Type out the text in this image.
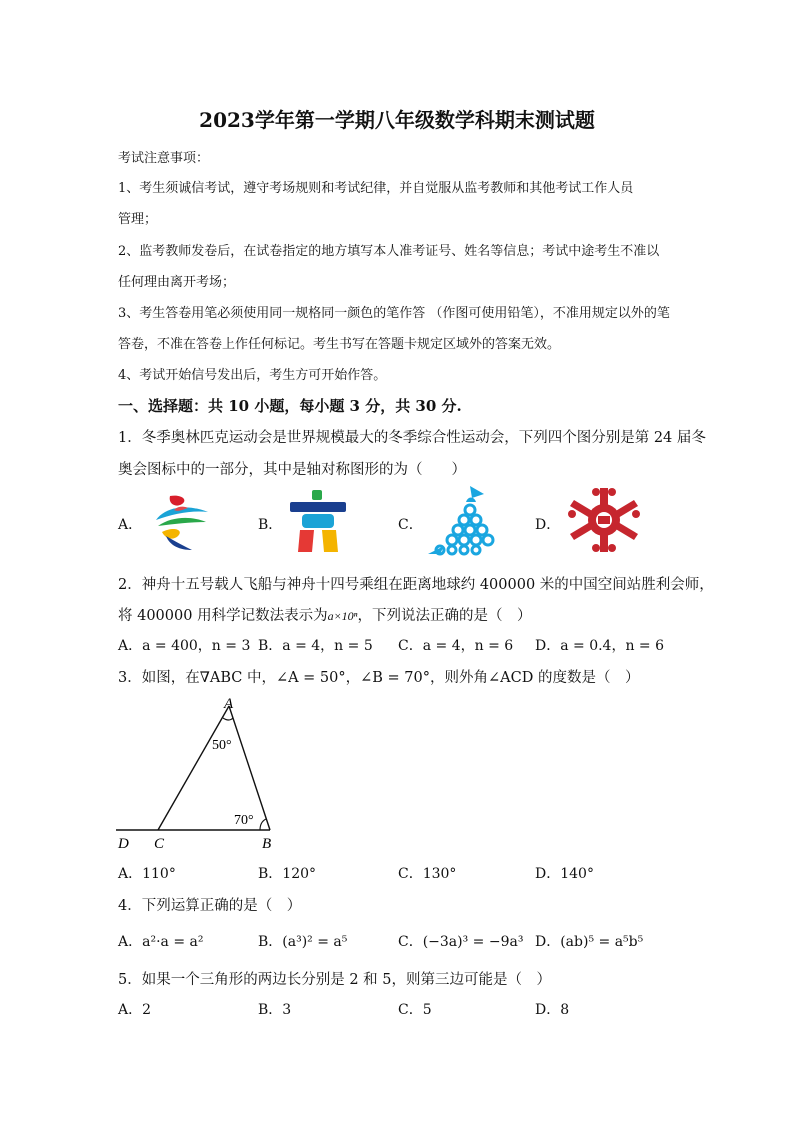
2023学年第一学期八年级数学科期末测试题
考试注意事项：
1、考生须诚信考试，遵守考场规则和考试纪律，并自觉服从监考教师和其他考试工作人员
管理；
2、监考教师发卷后，在试卷指定的地方填写本人准考证号、姓名等信息；考试中途考生不准以
任何理由离开考场；
3、考生答卷用笔必须使用同一规格同一颜色的笔作答 （作图可使用铅笔），不准用规定以外的笔
答卷，不准在答卷上作任何标记。考生书写在答题卡规定区域外的答案无效。
4、考试开始信号发出后，考生方可开始作答。
一、选择题：共 10 小题，每小题 3 分，共 30 分.
1．冬季奥林匹克运动会是世界规模最大的冬季综合性运动会，下列四个图分别是第 24 届冬
奥会图标中的一部分，其中是轴对称图形的为（　　）
A．	B．	C．	D．
2．神舟十五号载人飞船与神舟十四号乘组在距离地球约 400000 米的中国空间站胜利会师，
将 400000 用科学记数法表示为a×10ⁿ，下列说法正确的是（　）
A．a = 400，n = 3 B．a = 4，n = 5 C．a = 4，n = 6 D．a = 0.4，n = 6
3．如图，在∇ABC 中，∠A = 50°，∠B = 70°，则外角∠ACD 的度数是（　）
A
50°
70°
D C	B
A．110°	B．120°	C．130°	D．140°
4．下列运算正确的是（　）
A．a²·a = a²	B．(a³)² = a⁵	C．(−3a)³ = −9a³ D．(ab)⁵ = a⁵b⁵
5．如果一个三角形的两边长分别是 2 和 5，则第三边可能是（　）
A．2	B．3	C．5	D．8
